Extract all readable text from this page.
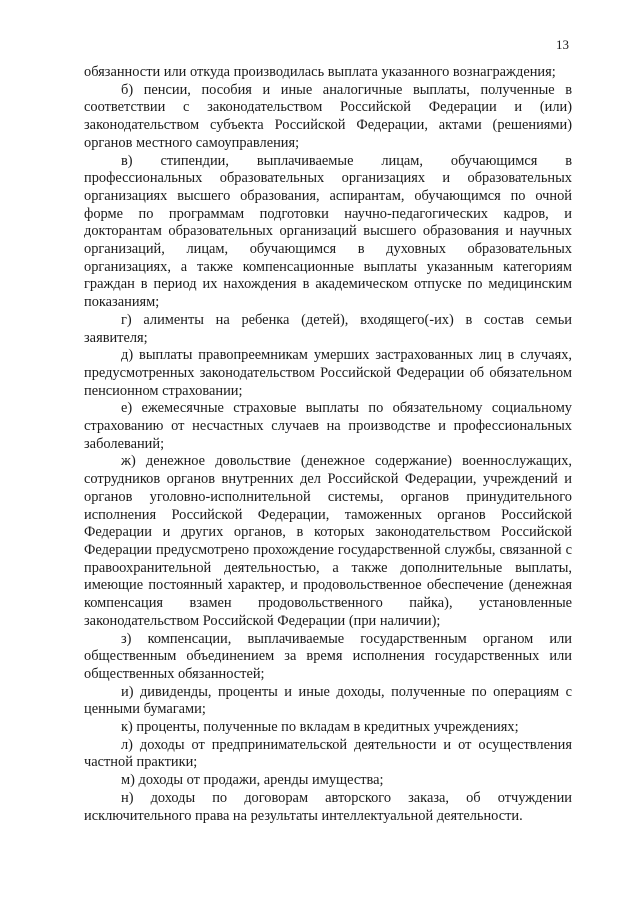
13

обязанности или откуда производилась выплата указанного вознаграждения;

б) пенсии, пособия и иные аналогичные выплаты, полученные в соответствии с законодательством Российской Федерации и (или) законодательством субъекта Российской Федерации, актами (решениями) органов местного самоуправления;

в) стипендии, выплачиваемые лицам, обучающимся в профессиональных образовательных организациях и образовательных организациях высшего образования, аспирантам, обучающимся по очной форме по программам подготовки научно-педагогических кадров, и докторантам образовательных организаций высшего образования и научных организаций, лицам, обучающимся в духовных образовательных организациях, а также компенсационные выплаты указанным категориям граждан в период их нахождения в академическом отпуске по медицинским показаниям;

г) алименты на ребенка (детей), входящего(-их) в состав семьи заявителя;

д) выплаты правопреемникам умерших застрахованных лиц в случаях, предусмотренных законодательством Российской Федерации об обязательном пенсионном страховании;

е) ежемесячные страховые выплаты по обязательному социальному страхованию от несчастных случаев на производстве и профессиональных заболеваний;

ж) денежное довольствие (денежное содержание) военнослужащих, сотрудников органов внутренних дел Российской Федерации, учреждений и органов уголовно-исполнительной системы, органов принудительного исполнения Российской Федерации, таможенных органов Российской Федерации и других органов, в которых законодательством Российской Федерации предусмотрено прохождение государственной службы, связанной с правоохранительной деятельностью, а также дополнительные выплаты, имеющие постоянный характер, и продовольственное обеспечение (денежная компенсация взамен продовольственного пайка), установленные законодательством Российской Федерации (при наличии);

з) компенсации, выплачиваемые государственным органом или общественным объединением за время исполнения государственных или общественных обязанностей;

и) дивиденды, проценты и иные доходы, полученные по операциям с ценными бумагами;

к) проценты, полученные по вкладам в кредитных учреждениях;

л) доходы от предпринимательской деятельности и от осуществления частной практики;

м) доходы от продажи, аренды имущества;

н) доходы по договорам авторского заказа, об отчуждении исключительного права на результаты интеллектуальной деятельности.
